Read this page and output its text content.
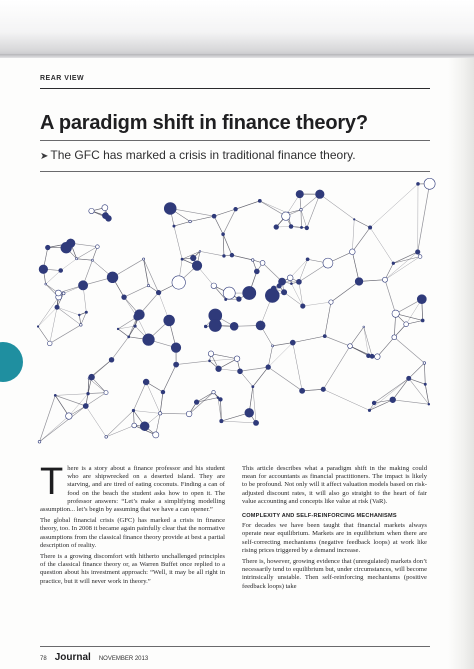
REAR VIEW
A paradigm shift in finance theory?
➤ The GFC has marked a crisis in traditional finance theory.

There is a story about a finance professor and his student who are shipwrecked on a deserted island. They are starving, and are tired of eating coconuts. Finding a can of food on the beach the student asks how to open it. The professor answers: “Let’s make a simplifying modelling assumption... let’s begin by assuming that we have a can opener.”

The global financial crisis (GFC) has marked a crisis in finance theory, too. In 2008 it became again painfully clear that the normative assumptions from the classical finance theory provide at best a partial description of reality.

There is a growing discomfort with hitherto unchallenged principles of the classical finance theory or, as Warren Buffet once replied to a question about his investment approach: “Well, it may be all right in practice, but it will never work in theory.”

This article describes what a paradigm shift in the making could mean for accountants as financial practitioners. The impact is likely to be profound. Not only will it affect valuation models based on risk-adjusted discount rates, it will also go straight to the heart of fair value accounting and concepts like value at risk (VaR).

COMPLEXITY AND SELF-REINFORCING MECHANISMS

For decades we have been taught that financial markets always operate near equilibrium. Markets are in equilibrium when there are self-correcting mechanisms (negative feedback loops) at work like rising prices triggered by a demand increase.

There is, however, growing evidence that (unregulated) markets don’t necessarily tend to equilibrium but, under circumstances, will become intrinsically unstable. Then self-reinforcing mechanisms (positive feedback loops) take

78 Journal NOVEMBER 2013
